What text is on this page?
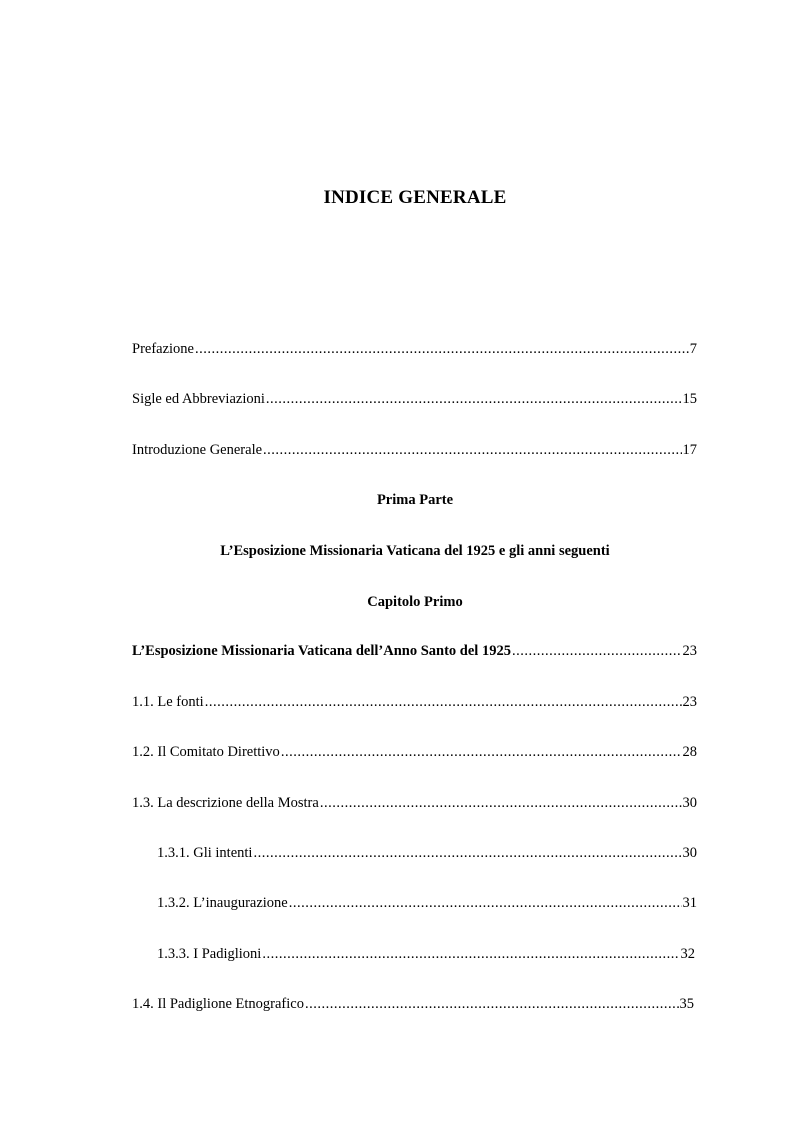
INDICE GENERALE
Prefazione .....	7
Sigle ed Abbreviazioni .....	15
Introduzione Generale .....	17
Prima Parte
L’Esposizione Missionaria Vaticana del 1925 e gli anni seguenti
Capitolo Primo
L’Esposizione Missionaria Vaticana dell’Anno Santo del 1925 .....	23
1.1. Le fonti .....	23
1.2. Il Comitato Direttivo .....	28
1.3. La descrizione della Mostra .....	30
1.3.1. Gli intenti .....	30
1.3.2. L’inaugurazione .....	31
1.3.3. I Padiglioni .....	32
1.4. Il Padiglione Etnografico .....	35
